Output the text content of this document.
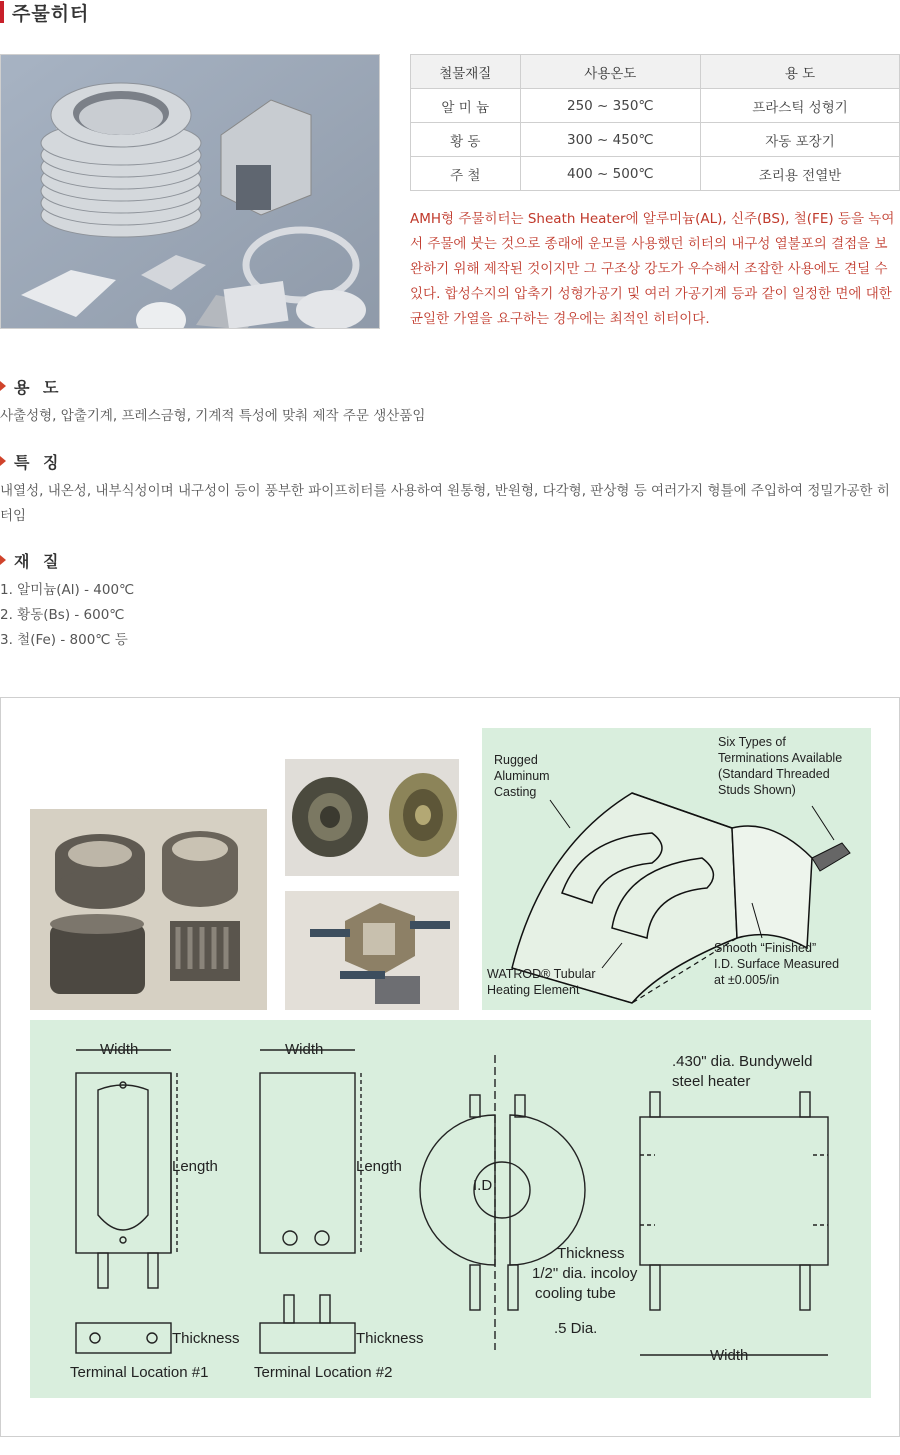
주물히터
철물재질	사용온도	용 도
알 미 늄	250 ~ 350℃	프라스틱 성형기
황 동	300 ~ 450℃	자동 포장기
주 철	400 ~ 500℃	조리용 전열반

AMH형 주물히터는 Sheath Heater에 알루미늄(AL), 신주(BS), 철(FE) 등을 녹여서 주물에 붓는 것으로 종래에 운모를 사용했던 히터의 내구성 열불포의 결점을 보완하기 위해 제작된 것이지만 그 구조상 강도가 우수해서 조잡한 사용에도 견딜 수 있다. 합성수지의 압축기 성형가공기 및 여러 가공기계 등과 같이 일정한 면에 대한 균일한 가열을 요구하는 경우에는 최적인 히터이다.

용 도
사출성형, 압출기계, 프레스금형, 기계적 특성에 맞춰 제작 주문 생산품임
특 징
내열성, 내온성, 내부식성이며 내구성이 등이 풍부한 파이프히터를 사용하여 원통형, 반원형, 다각형, 판상형 등 여러가지 형틀에 주입하여 정밀가공한 히터임
재 질
1. 알미늄(Al) - 400℃
2. 황동(Bs) - 600℃
3. 철(Fe) - 800℃ 등
Rugged Aluminum Casting
Six Types of Terminations Available (Standard Threaded Studs Shown)
Smooth “Finished” I.D. Surface Measured at ±0.005/in
WATROD® Tubular Heating Element
Width
Length
Thickness
Terminal Location #1
Width
Length
Thickness
Terminal Location #2
I.D
Thickness
1/2" dia. incoloy
cooling tube
.5 Dia.
.430" dia. Bundyweld
steel heater
Width
